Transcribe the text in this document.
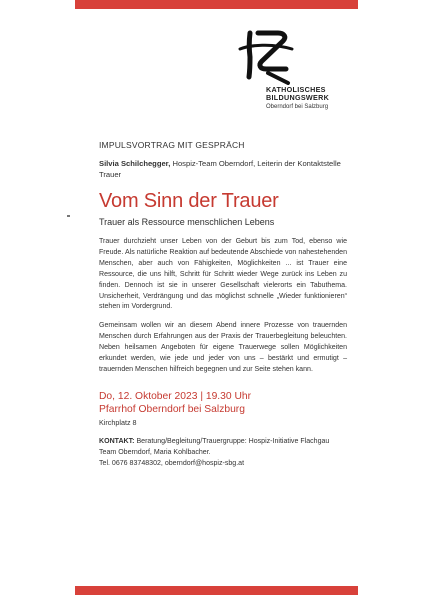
KATHOLISCHES
BILDUNGSWERK
Oberndorf bei Salzburg
IMPULSVORTRAG MIT GESPRÄCH
Silvia Schilchegger, Hospiz-Team Oberndorf, Leiterin der Kontaktstelle Trauer
Vom Sinn der Trauer
Trauer als Ressource menschlichen Lebens
Trauer durchzieht unser Leben von der Geburt bis zum Tod, ebenso wie Freude. Als natürliche Reaktion auf bedeutende Abschiede von nahestehenden Menschen, aber auch von Fähigkeiten, Möglichkeiten ... ist Trauer eine Ressource, die uns hilft, Schritt für Schritt wieder Wege zurück ins Leben zu finden. Dennoch ist sie in unserer Gesellschaft vielerorts ein Tabuthema. Unsicherheit, Verdrängung und das möglichst schnelle „Wieder funktionieren“ stehen im Vordergrund.
Gemeinsam wollen wir an diesem Abend innere Prozesse von trauernden Menschen durch Erfahrungen aus der Praxis der Trauerbegleitung beleuchten. Neben heilsamen Angeboten für eigene Trauerwege sollen Möglichkeiten erkundet werden, wie jede und jeder von uns – bestärkt und ermutigt – trauernden Menschen hilfreich begegnen und zur Seite stehen kann.
Do, 12. Oktober 2023 | 19.30 Uhr
Pfarrhof Oberndorf bei Salzburg
Kirchplatz 8
KONTAKT: Beratung/Begleitung/Trauergruppe: Hospiz-Initiative Flachgau Team Oberndorf, Maria Kohlbacher.
Tel. 0676 83748302, oberndorf@hospiz-sbg.at
